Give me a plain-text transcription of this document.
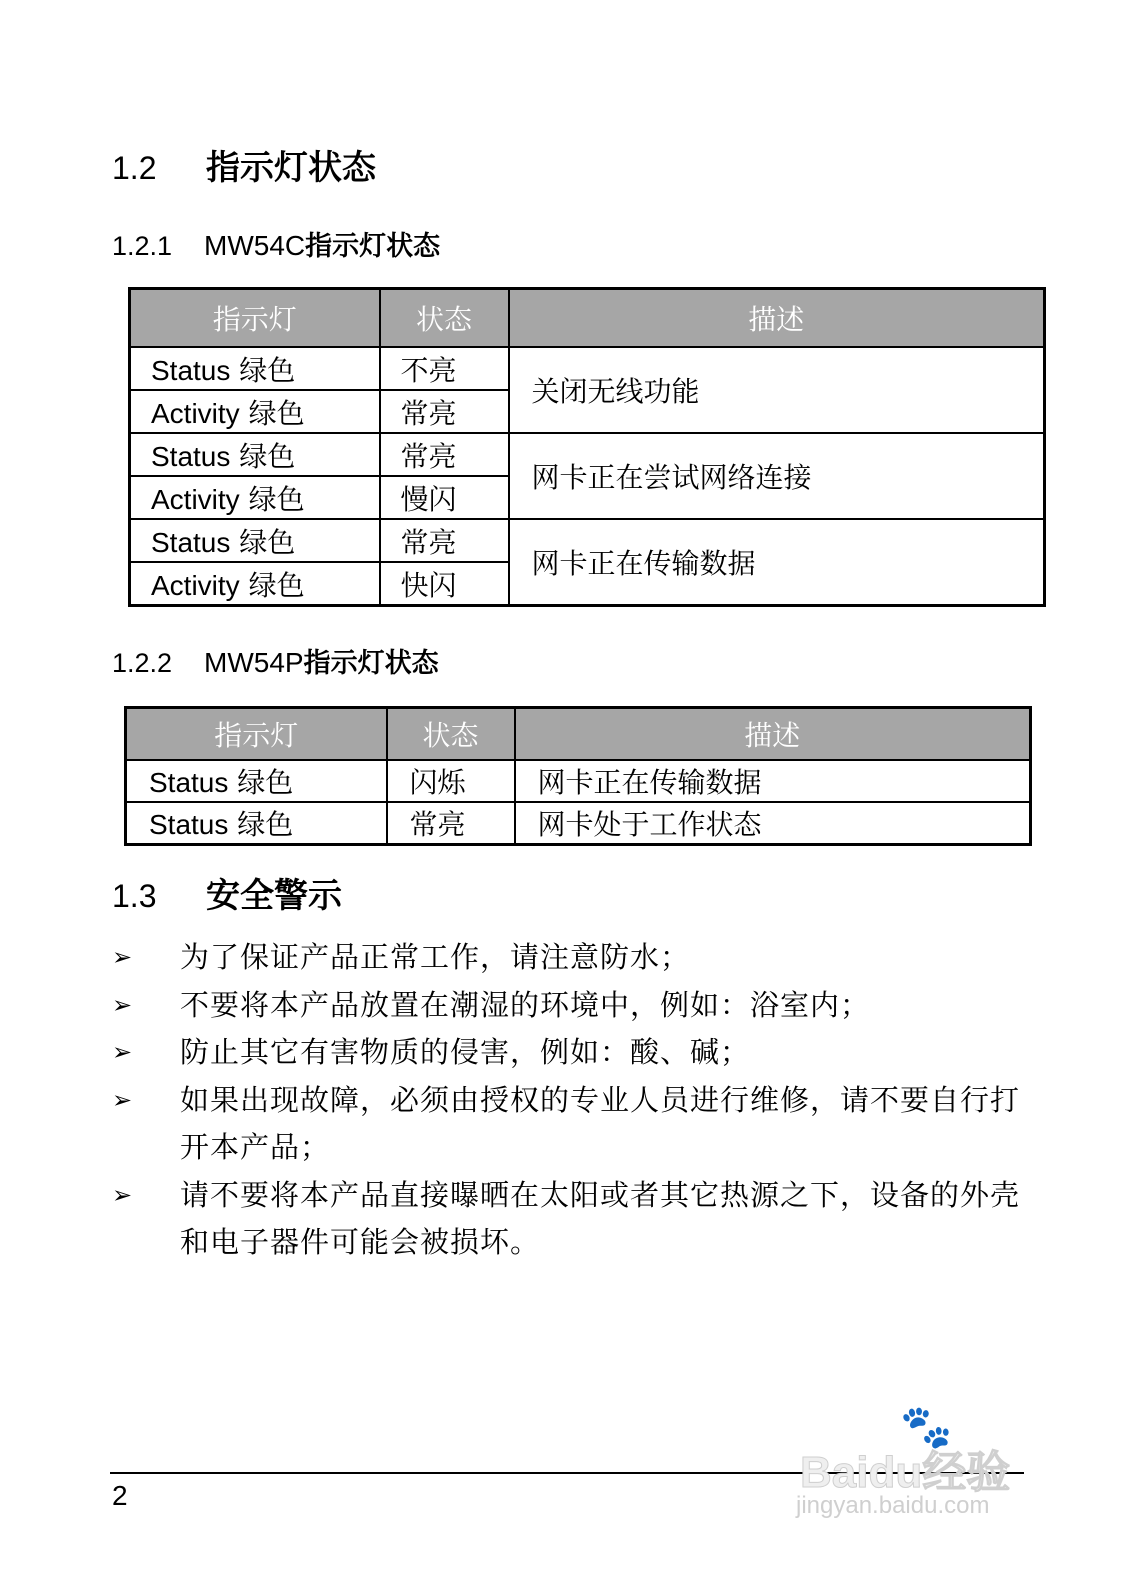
1.2	指示灯状态
1.2.1	MW54C 指示灯状态
指示灯	状态	描述
Status 绿色	不亮	关闭无线功能
Activity 绿色	常亮	
Status 绿色	常亮	网卡正在尝试网络连接
Activity 绿色	慢闪	
Status 绿色	常亮	网卡正在传输数据
Activity 绿色	快闪	
1.2.2	MW54P 指示灯状态
指示灯	状态	描述
Status 绿色	闪烁	网卡正在传输数据
Status 绿色	常亮	网卡处于工作状态
1.3	安全警示
➢	为了保证产品正常工作，请注意防水；
➢	不要将本产品放置在潮湿的环境中，例如：浴室内；
➢	防止其它有害物质的侵害，例如：酸、碱；
➢	如果出现故障，必须由授权的专业人员进行维修，请不要自行打开本产品；
➢	请不要将本产品直接曝晒在太阳或者其它热源之下，设备的外壳和电子器件可能会被损坏。
2
🐾
Baidu经验
jingyan.baidu.com
